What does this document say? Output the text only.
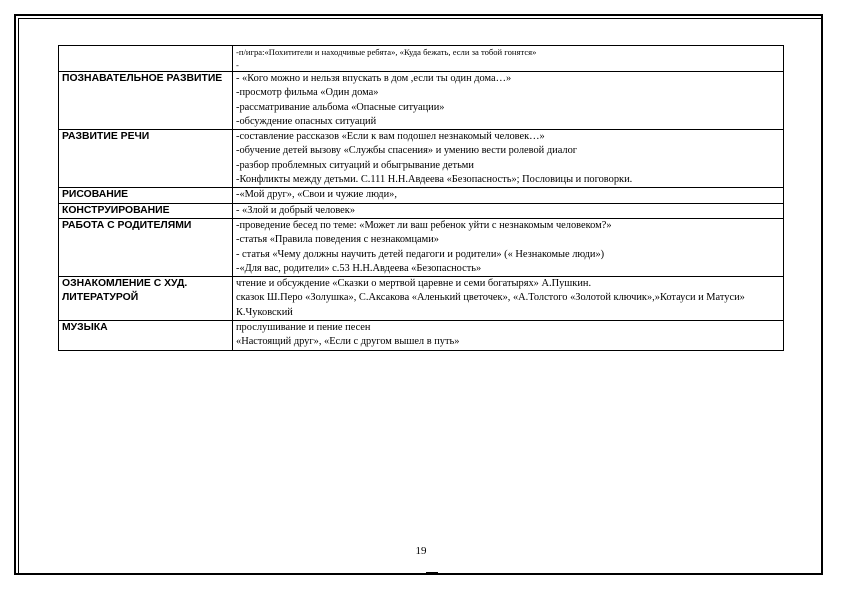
	-п/игра:«Похитители и находчивые ребята», «Куда бежать, если за тобой гонятся»
-

ПОЗНАВАТЕЛЬНОЕ РАЗВИТИЕ	- «Кого можно и нельзя впускать в дом ,если ты один дома…»
-просмотр фильма «Один дома»
-рассматривание альбома «Опасные ситуации»
-обсуждение опасных ситуаций

РАЗВИТИЕ РЕЧИ	-составление рассказов «Если к вам подошел незнакомый человек…»
-обучение детей вызову «Службы спасения» и умению вести ролевой диалог
-разбор проблемных ситуаций и обыгрывание детьми
-Конфликты между детьми. С.111 Н.Н.Авдеева «Безопасность»; Пословицы и поговорки.

РИСОВАНИЕ	-«Мой друг», «Свои и чужие люди»,

КОНСТРУИРОВАНИЕ	- «Злой и добрый человек»

РАБОТА С РОДИТЕЛЯМИ	-проведение бесед по теме: «Может ли ваш ребенок уйти с незнакомым человеком?»
-статья «Правила поведения с незнакомцами»
- статья «Чему должны научить детей педагоги и родители» (« Незнакомые люди»)
-«Для вас, родители» с.53 Н.Н.Авдеева «Безопасность»

ОЗНАКОМЛЕНИЕ С ХУД. ЛИТЕРАТУРОЙ	чтение и обсуждение «Сказки о мертвой царевне и семи богатырях» А.Пушкин.
сказок Ш.Перо «Золушка», С.Аксакова «Аленький цветочек», «А.Толстого «Золотой ключик»,»Котауси и Матуси» К.Чуковский

МУЗЫКА	прослушивание и пение песен
«Настоящий друг», «Если с другом вышел в путь»
19
